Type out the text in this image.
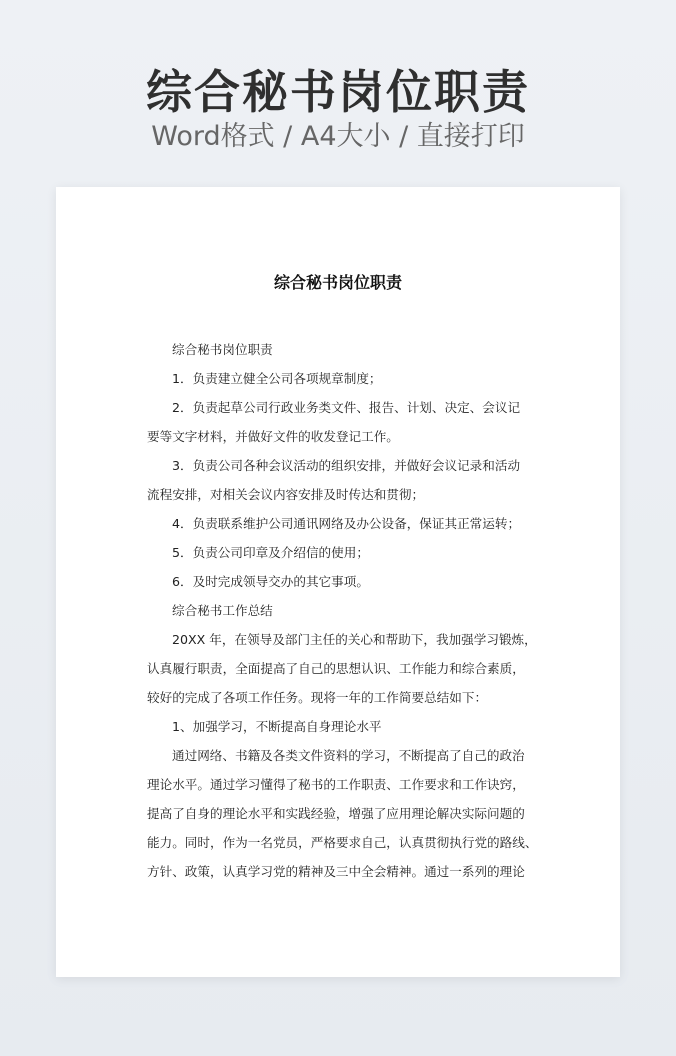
综合秘书岗位职责
Word格式 / A4大小 / 直接打印
综合秘书岗位职责
综合秘书岗位职责
1．负责建立健全公司各项规章制度；
2．负责起草公司行政业务类文件、报告、计划、决定、会议记
要等文字材料，并做好文件的收发登记工作。
3．负责公司各种会议活动的组织安排，并做好会议记录和活动
流程安排，对相关会议内容安排及时传达和贯彻；
4．负责联系维护公司通讯网络及办公设备，保证其正常运转；
5．负责公司印章及介绍信的使用；
6．及时完成领导交办的其它事项。
综合秘书工作总结
20XX 年，在领导及部门主任的关心和帮助下，我加强学习锻炼，
认真履行职责，全面提高了自己的思想认识、工作能力和综合素质，
较好的完成了各项工作任务。现将一年的工作简要总结如下：
1、加强学习，不断提高自身理论水平
通过网络、书籍及各类文件资料的学习，不断提高了自己的政治
理论水平。通过学习懂得了秘书的工作职责、工作要求和工作诀窍，
提高了自身的理论水平和实践经验，增强了应用理论解决实际问题的
能力。同时，作为一名党员，严格要求自己，认真贯彻执行党的路线、
方针、政策，认真学习党的精神及三中全会精神。通过一系列的理论
